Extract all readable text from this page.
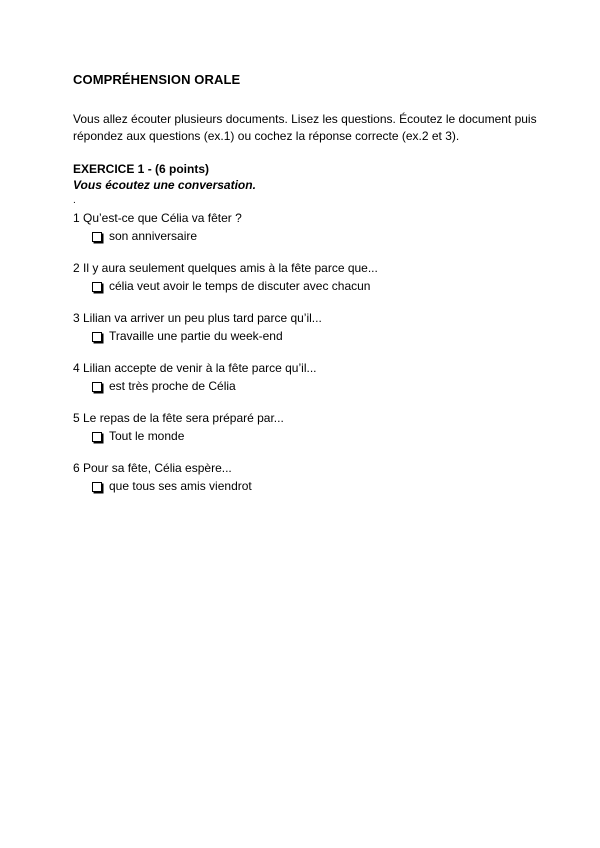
COMPRÉHENSION ORALE
Vous allez écouter plusieurs documents. Lisez les questions. Écoutez le document puis répondez aux questions (ex.1) ou cochez la réponse correcte (ex.2 et 3).
EXERCICE 1 - (6 points)
Vous écoutez une conversation.
.
1 Qu’est-ce que Célia va fêter ?
son anniversaire
2 Il y aura seulement quelques amis à la fête parce que...
célia veut avoir le temps de discuter avec chacun
3 Lilian va arriver un peu plus tard parce qu’il...
Travaille une partie du week-end
4 Lilian accepte de venir à la fête parce qu’il...
est très proche de Célia
5 Le repas de la fête sera préparé par...
Tout le monde
6 Pour sa fête, Célia espère...
que tous ses amis viendrot
